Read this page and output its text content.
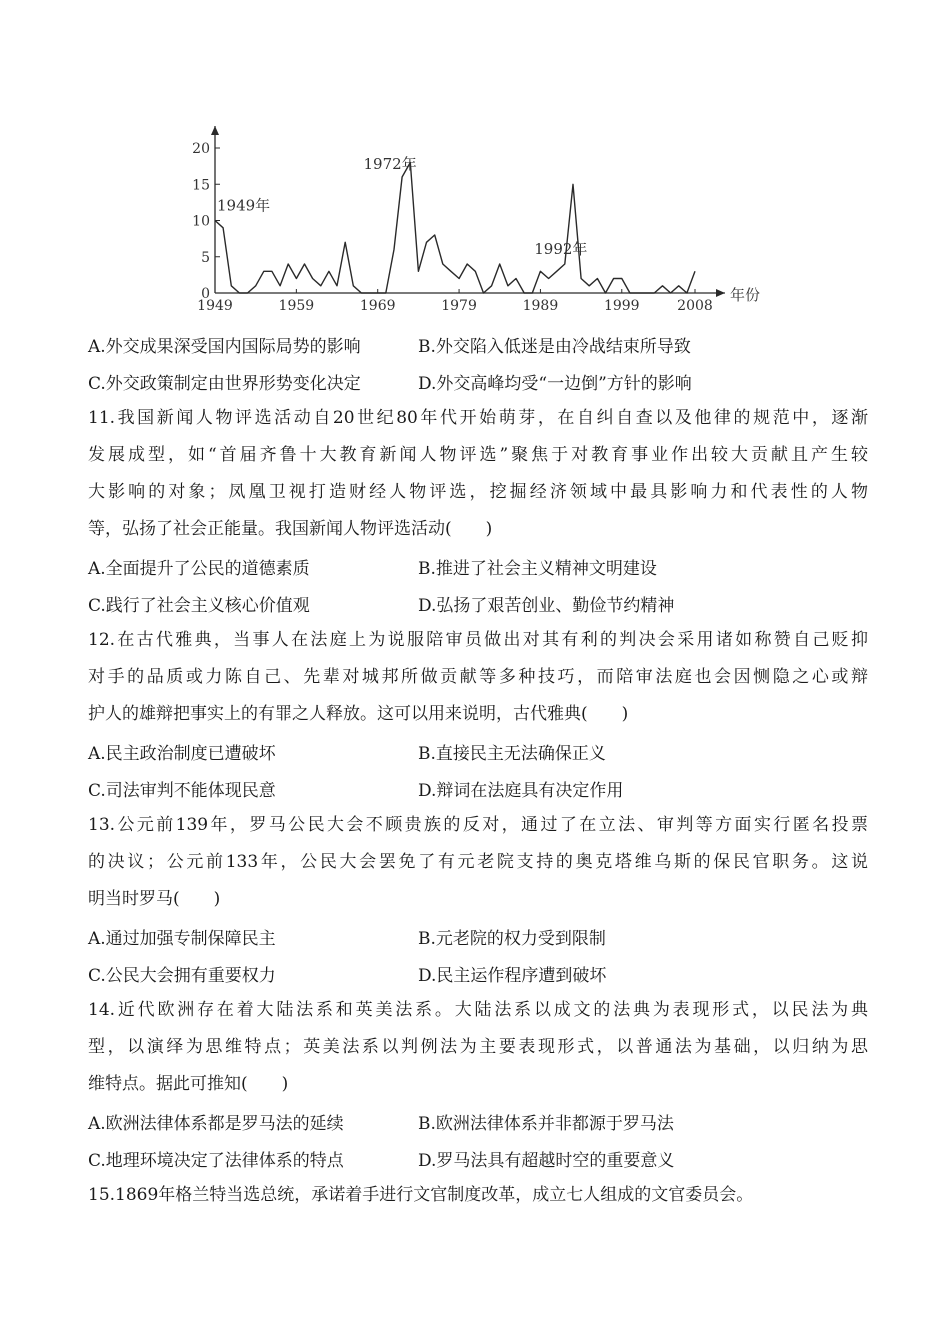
年份
0
5
10
15
20
1949	1959	1969	1979	1989	1999	2008
1949年
1972年
1992年
A.外交成果深受国内国际局势的影响	B.外交陷入低迷是由冷战结束所导致
C.外交政策制定由世界形势变化决定	D.外交高峰均受“一边倒”方针的影响
11.我国新闻人物评选活动自20世纪80年代开始萌芽，在自纠自查以及他律的规范中，逐渐
发展成型，如“首届齐鲁十大教育新闻人物评选”聚焦于对教育事业作出较大贡献且产生较
大影响的对象；凤凰卫视打造财经人物评选，挖掘经济领域中最具影响力和代表性的人物
等，弘扬了社会正能量。我国新闻人物评选活动(　　)
A.全面提升了公民的道德素质	B.推进了社会主义精神文明建设
C.践行了社会主义核心价值观	D.弘扬了艰苦创业、勤俭节约精神
12.在古代雅典，当事人在法庭上为说服陪审员做出对其有利的判决会采用诸如称赞自己贬抑
对手的品质或力陈自己、先辈对城邦所做贡献等多种技巧，而陪审法庭也会因恻隐之心或辩
护人的雄辩把事实上的有罪之人释放。这可以用来说明，古代雅典(　　)
A.民主政治制度已遭破坏	B.直接民主无法确保正义
C.司法审判不能体现民意	D.辩词在法庭具有决定作用
13.公元前139年，罗马公民大会不顾贵族的反对，通过了在立法、审判等方面实行匿名投票
的决议；公元前133年，公民大会罢免了有元老院支持的奥克塔维乌斯的保民官职务。这说
明当时罗马(　　)
A.通过加强专制保障民主	B.元老院的权力受到限制
C.公民大会拥有重要权力	D.民主运作程序遭到破坏
14.近代欧洲存在着大陆法系和英美法系。大陆法系以成文的法典为表现形式，以民法为典
型，以演绎为思维特点；英美法系以判例法为主要表现形式，以普通法为基础，以归纳为思
维特点。据此可推知(　　)
A.欧洲法律体系都是罗马法的延续	B.欧洲法律体系并非都源于罗马法
C.地理环境决定了法律体系的特点	D.罗马法具有超越时空的重要意义
15.1869年格兰特当选总统，承诺着手进行文官制度改革，成立七人组成的文官委员会。
